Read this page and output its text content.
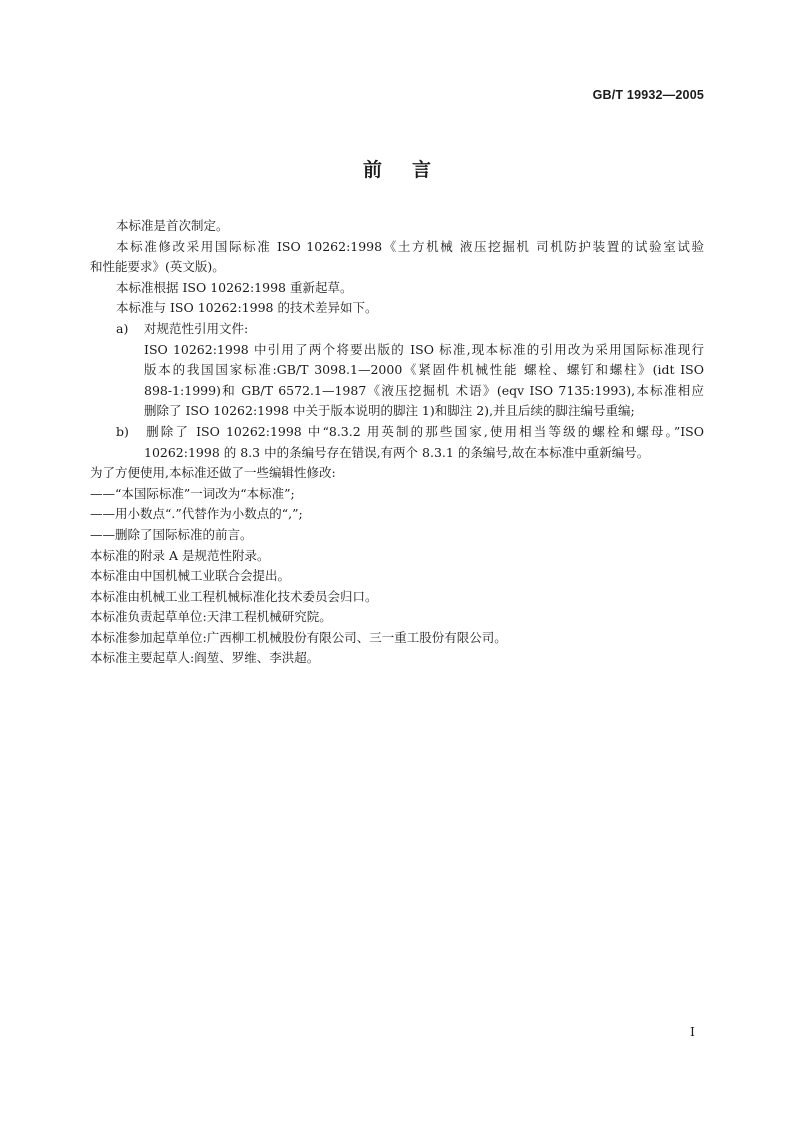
GB/T 19932—2005
前言
本标准是首次制定。
本标准修改采用国际标准 ISO 10262:1998《土方机械 液压挖掘机 司机防护装置的试验室试验
和性能要求》(英文版)。
本标准根据 ISO 10262:1998 重新起草。
本标准与 ISO 10262:1998 的技术差异如下。
a) 对规范性引用文件:
ISO 10262:1998 中引用了两个将要出版的 ISO 标准,现本标准的引用改为采用国际标准现行
版本的我国国家标准:GB/T 3098.1—2000《紧固件机械性能 螺栓、螺钉和螺柱》(idt ISO
898-1:1999)和 GB/T 6572.1—1987《液压挖掘机 术语》(eqv ISO 7135:1993),本标准相应
删除了 ISO 10262:1998 中关于版本说明的脚注 1)和脚注 2),并且后续的脚注编号重编;
b) 删除了 ISO 10262:1998 中“8.3.2 用英制的那些国家,使用相当等级的螺栓和螺母。”ISO
10262:1998 的 8.3 中的条编号存在错误,有两个 8.3.1 的条编号,故在本标准中重新编号。
为了方便使用,本标准还做了一些编辑性修改:
——“本国际标准”一词改为“本标准”;
——用小数点“.”代替作为小数点的“,”;
——删除了国际标准的前言。
本标准的附录 A 是规范性附录。
本标准由中国机械工业联合会提出。
本标准由机械工业工程机械标准化技术委员会归口。
本标准负责起草单位:天津工程机械研究院。
本标准参加起草单位:广西柳工机械股份有限公司、三一重工股份有限公司。
本标准主要起草人:阎堃、罗维、李洪超。
I
